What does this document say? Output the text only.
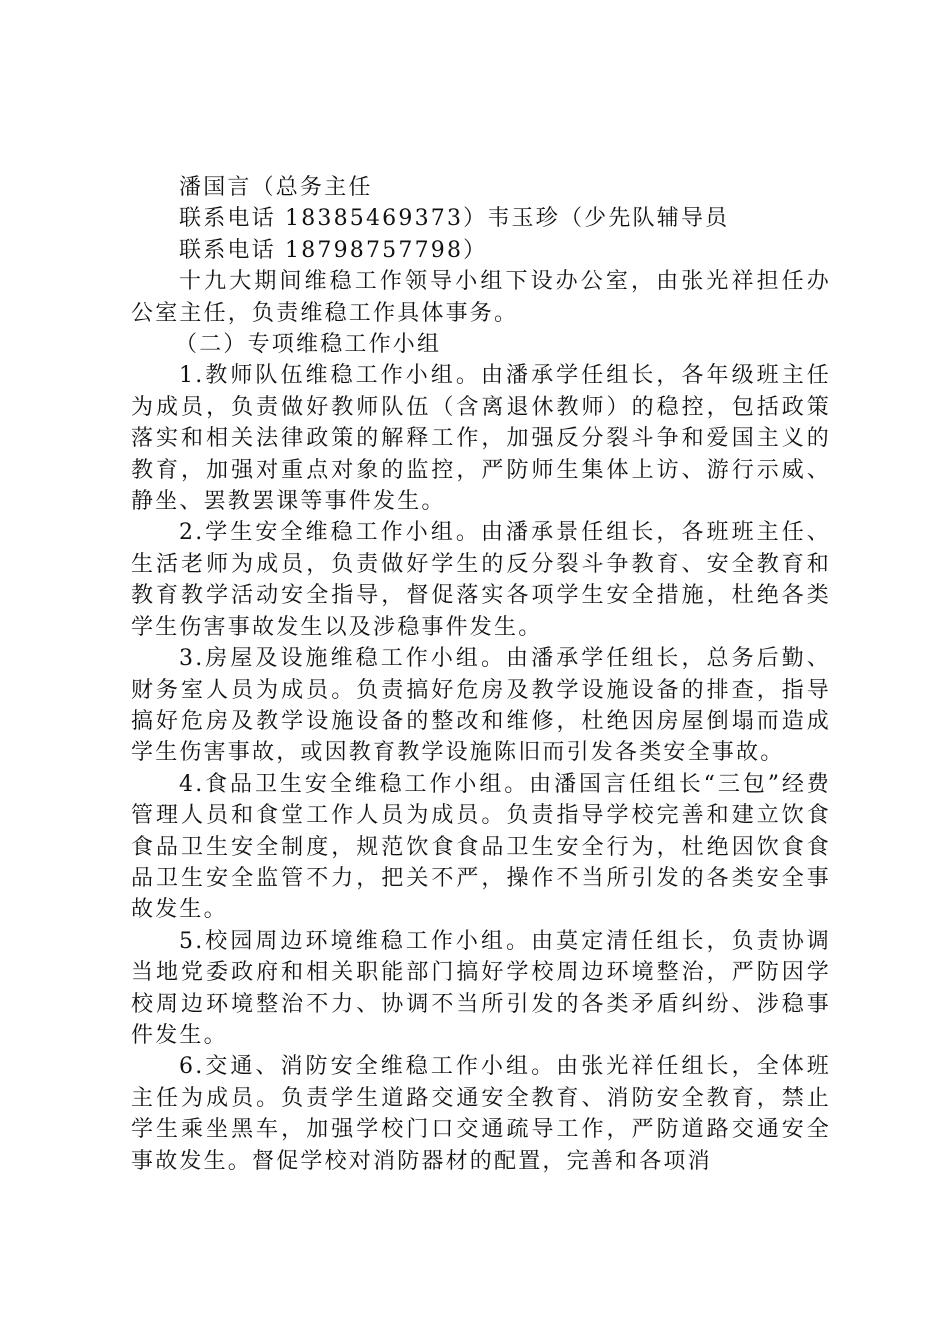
潘国言（总务主任
联系电话 18385469373）韦玉珍（少先队辅导员
联系电话 18798757798）

十九大期间维稳工作领导小组下设办公室，由张光祥担任办公室主任，负责维稳工作具体事务。

（二）专项维稳工作小组

1.教师队伍维稳工作小组。由潘承学任组长，各年级班主任为成员，负责做好教师队伍（含离退休教师）的稳控，包括政策落实和相关法律政策的解释工作，加强反分裂斗争和爱国主义的教育，加强对重点对象的监控，严防师生集体上访、游行示威、静坐、罢教罢课等事件发生。

2.学生安全维稳工作小组。由潘承景任组长，各班班主任、生活老师为成员，负责做好学生的反分裂斗争教育、安全教育和教育教学活动安全指导，督促落实各项学生安全措施，杜绝各类学生伤害事故发生以及涉稳事件发生。

3.房屋及设施维稳工作小组。由潘承学任组长，总务后勤、财务室人员为成员。负责搞好危房及教学设施设备的排查，指导搞好危房及教学设施设备的整改和维修，杜绝因房屋倒塌而造成学生伤害事故，或因教育教学设施陈旧而引发各类安全事故。

4.食品卫生安全维稳工作小组。由潘国言任组长“三包”经费管理人员和食堂工作人员为成员。负责指导学校完善和建立饮食食品卫生安全制度，规范饮食食品卫生安全行为，杜绝因饮食食品卫生安全监管不力，把关不严，操作不当所引发的各类安全事故发生。

5.校园周边环境维稳工作小组。由莫定清任组长，负责协调当地党委政府和相关职能部门搞好学校周边环境整治，严防因学校周边环境整治不力、协调不当所引发的各类矛盾纠纷、涉稳事件发生。

6.交通、消防安全维稳工作小组。由张光祥任组长，全体班主任为成员。负责学生道路交通安全教育、消防安全教育，禁止学生乘坐黑车，加强学校门口交通疏导工作，严防道路交通安全事故发生。督促学校对消防器材的配置，完善和各项消
